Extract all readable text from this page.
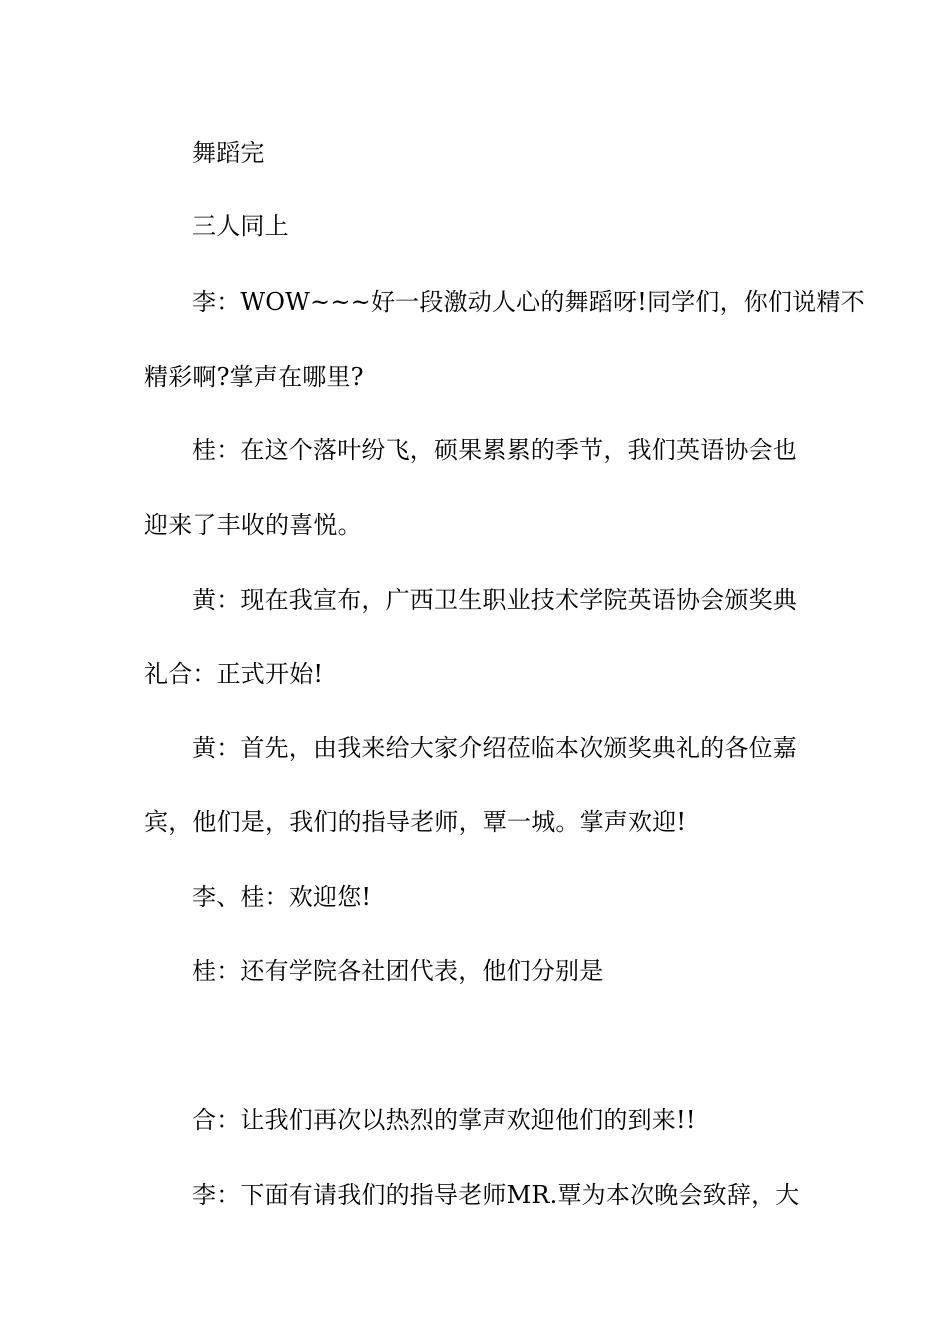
舞蹈完
三人同上
李：WOW~~~好一段激动人心的舞蹈呀!同学们，你们说精不
精彩啊?掌声在哪里?
桂：在这个落叶纷飞，硕果累累的季节，我们英语协会也
迎来了丰收的喜悦。
黄：现在我宣布，广西卫生职业技术学院英语协会颁奖典
礼合：正式开始!
黄：首先，由我来给大家介绍莅临本次颁奖典礼的各位嘉
宾，他们是，我们的指导老师，覃一城。掌声欢迎!
李、桂：欢迎您!
桂：还有学院各社团代表，他们分别是
合：让我们再次以热烈的掌声欢迎他们的到来!!
李：下面有请我们的指导老师MR.覃为本次晚会致辞，大
